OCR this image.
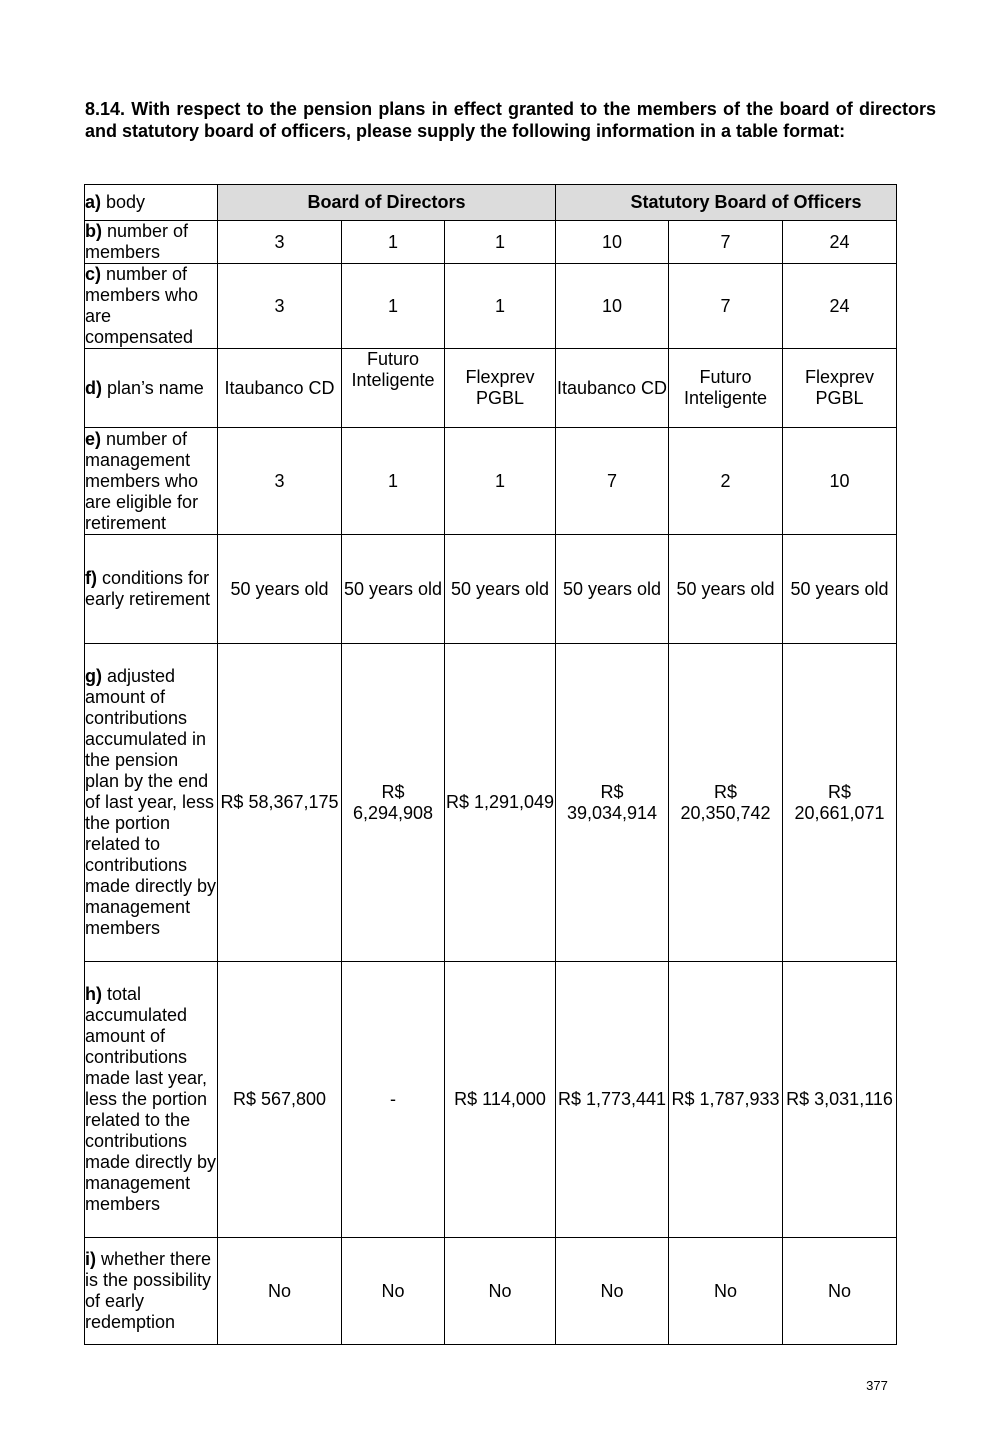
8.14. With respect to the pension plans in effect granted to the members of the board of directors and statutory board of officers, please supply the following information in a table format:

a) body	Board of Directors			Statutory Board of Officers		
b) number of members	3	1	1	10	7	24
c) number of members who are compensated	3	1	1	10	7	24
d) plan’s name	Itaubanco CD	Futuro Inteligente	Flexprev PGBL	Itaubanco CD	Futuro Inteligente	Flexprev PGBL
e) number of management members who are eligible for retirement	3	1	1	7	2	10
f) conditions for early retirement	50 years old	50 years old	50 years old	50 years old	50 years old	50 years old
g) adjusted amount of contributions accumulated in the pension plan by the end of last year, less the portion related to contributions made directly by management members	R$ 58,367,175	R$ 6,294,908	R$ 1,291,049	R$ 39,034,914	R$ 20,350,742	R$ 20,661,071
h) total accumulated amount of contributions made last year, less the portion related to the contributions made directly by management members	R$ 567,800	-	R$ 114,000	R$ 1,773,441	R$ 1,787,933	R$ 3,031,116
i) whether there is the possibility of early redemption	No	No	No	No	No	No
377
